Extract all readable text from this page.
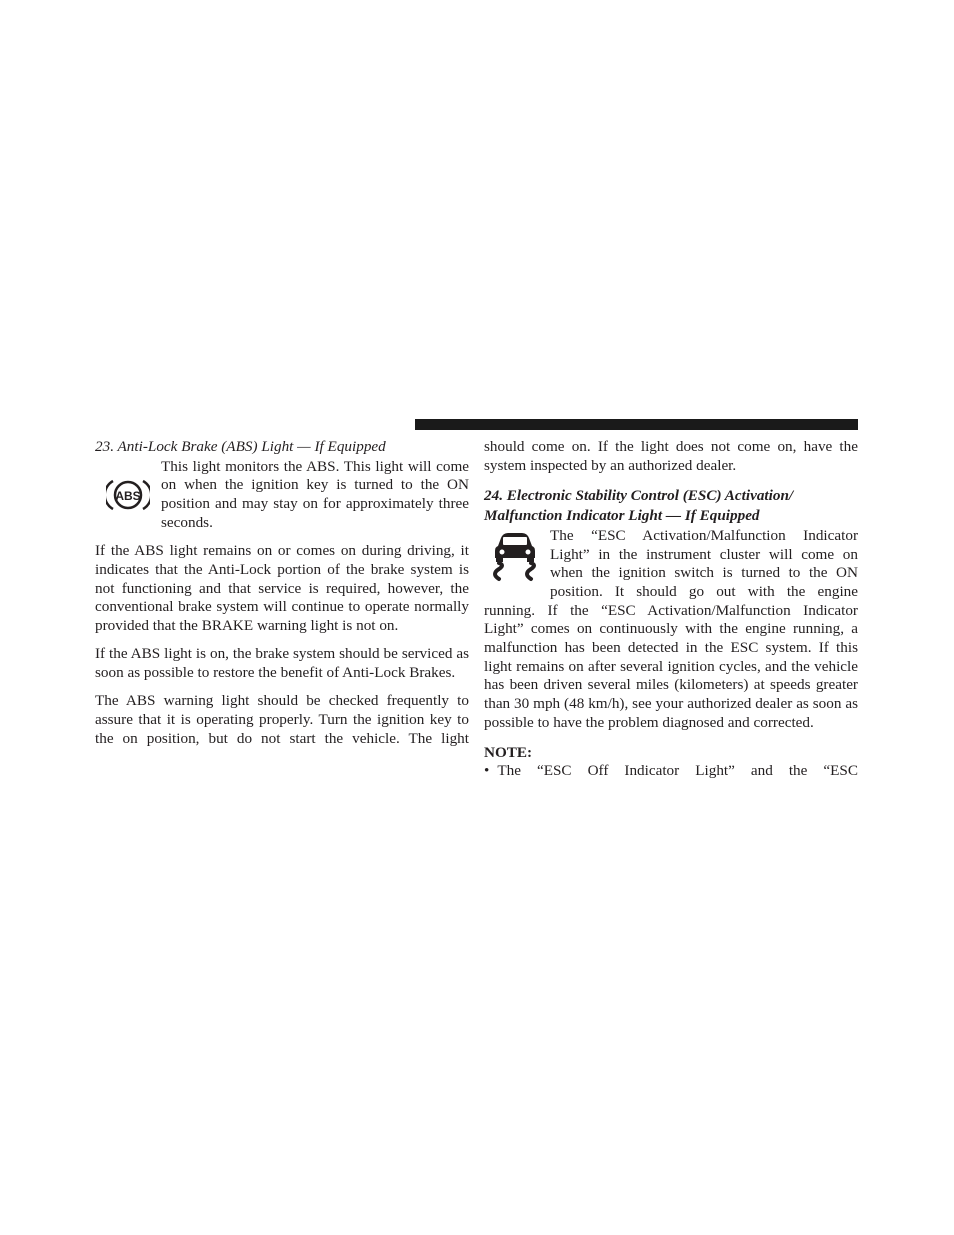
23. Anti-Lock Brake (ABS) Light — If Equipped
ABS
This light monitors the ABS. This light will come on when the ignition key is turned to the ON position and may stay on for approximately three seconds.

If the ABS light remains on or comes on during driving, it indicates that the Anti-Lock portion of the brake system is not functioning and that service is required, however, the conventional brake system will continue to operate normally provided that the BRAKE warning light is not on.

If the ABS light is on, the brake system should be serviced as soon as possible to restore the benefit of Anti-Lock Brakes.

The ABS warning light should be checked frequently to assure that it is operating properly. Turn the ignition key to the on position, but do not start the vehicle. The light

should come on. If the light does not come on, have the system inspected by an authorized dealer.

24. Electronic Stability Control (ESC) Activation/
Malfunction Indicator Light — If Equipped

The “ESC Activation/Malfunction Indicator Light” in the instrument cluster will come on when the ignition switch is turned to the ON position. It should go out with the engine

running. If the “ESC Activation/Malfunction Indicator Light” comes on continuously with the engine running, a malfunction has been detected in the ESC system. If this light remains on after several ignition cycles, and the vehicle has been driven several miles (kilometers) at speeds greater than 30 mph (48 km/h), see your authorized dealer as soon as possible to have the problem diagnosed and corrected.

NOTE:

• The “ESC Off Indicator Light” and the “ESC
